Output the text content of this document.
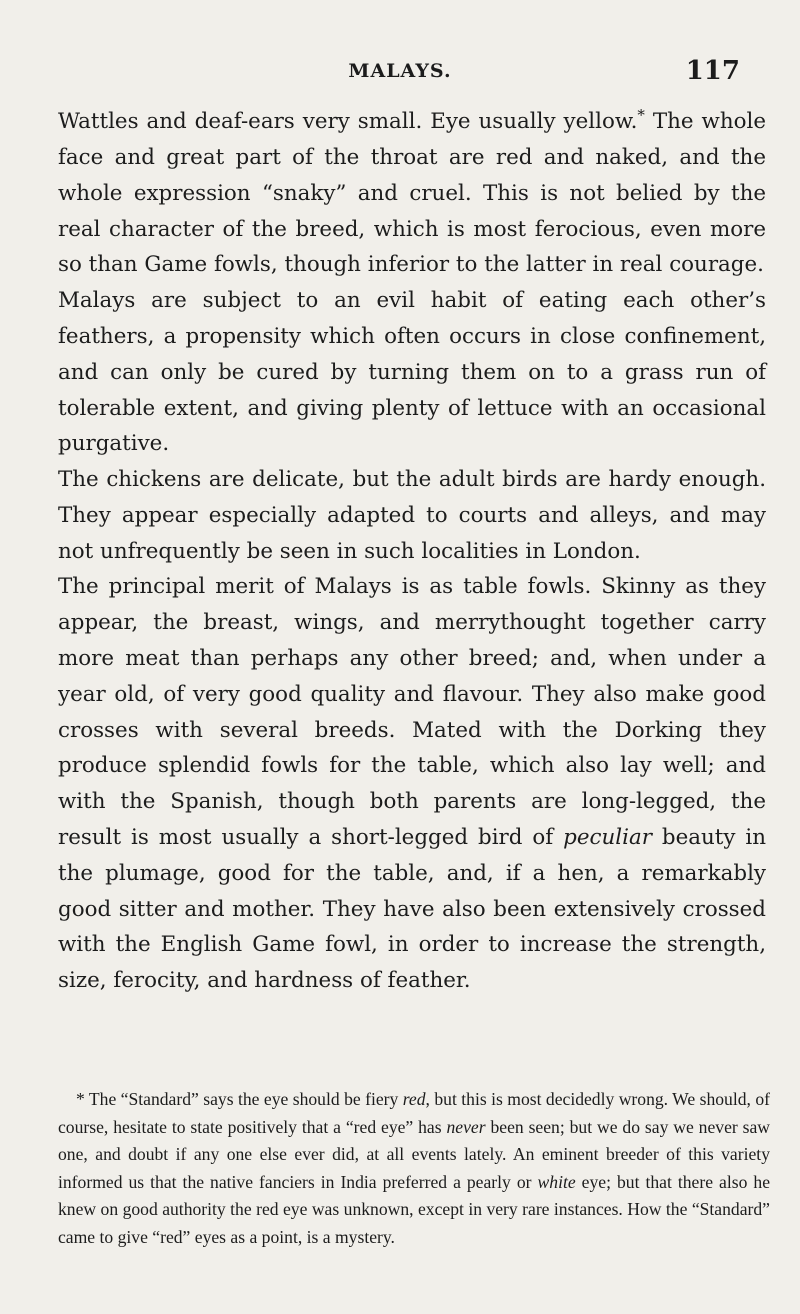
MALAYS.	117

Wattles and deaf-ears very small. Eye usually yellow.* The whole face and great part of the throat are red and naked, and the whole expression “snaky” and cruel. This is not belied by the real character of the breed, which is most ferocious, even more so than Game fowls, though inferior to the latter in real courage.

Malays are subject to an evil habit of eating each other’s feathers, a propensity which often occurs in close confinement, and can only be cured by turning them on to a grass run of tolerable extent, and giving plenty of lettuce with an occasional purgative.

The chickens are delicate, but the adult birds are hardy enough. They appear especially adapted to courts and alleys, and may not unfrequently be seen in such localities in London.

The principal merit of Malays is as table fowls. Skinny as they appear, the breast, wings, and merrythought together carry more meat than perhaps any other breed; and, when under a year old, of very good quality and flavour. They also make good crosses with several breeds. Mated with the Dorking they produce splendid fowls for the table, which also lay well; and with the Spanish, though both parents are long-legged, the result is most usually a short-legged bird of peculiar beauty in the plumage, good for the table, and, if a hen, a remarkably good sitter and mother. They have also been extensively crossed with the English Game fowl, in order to increase the strength, size, ferocity, and hardness of feather.

* The “Standard” says the eye should be fiery red, but this is most decidedly wrong. We should, of course, hesitate to state positively that a “red eye” has never been seen; but we do say we never saw one, and doubt if any one else ever did, at all events lately. An eminent breeder of this variety informed us that the native fanciers in India preferred a pearly or white eye; but that there also he knew on good authority the red eye was unknown, except in very rare instances. How the “Standard” came to give “red” eyes as a point, is a mystery.
